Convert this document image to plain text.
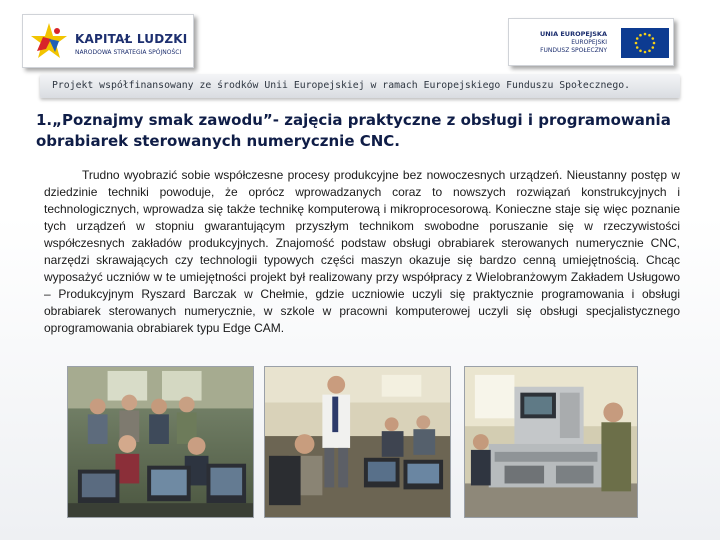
KAPITAŁ LUDZKI
NARODOWA STRATEGIA SPÓJNOŚCI
UNIA EUROPEJSKA
EUROPEJSKI
FUNDUSZ SPOŁECZNY
Projekt współfinansowany ze środków Unii Europejskiej w ramach Europejskiego Funduszu Społecznego.
1.„Poznajmy smak zawodu”- zajęcia praktyczne z obsługi i programowania obrabiarek sterowanych numerycznie CNC.
Trudno wyobrazić sobie współczesne procesy produkcyjne bez nowoczesnych urządzeń. Nieustanny postęp w dziedzinie techniki powoduje, że oprócz wprowadzanych coraz to nowszych rozwiązań konstrukcyjnych i technologicznych, wprowadza się także technikę komputerową i mikroprocesorową. Konieczne staje się więc poznanie tych urządzeń w stopniu gwarantującym przyszłym technikom swobodne poruszanie się w rzeczywistości współczesnych zakładów produkcyjnych. Znajomość podstaw obsługi obrabiarek sterowanych numerycznie CNC, narzędzi skrawających czy technologii typowych części maszyn okazuje się bardzo cenną umiejętnością. Chcąc wyposażyć uczniów w te umiejętności projekt był realizowany przy współpracy z Wielobranżowym Zakładem Usługowo – Produkcyjnym Ryszard Barczak w Chełmie, gdzie uczniowie uczyli się praktycznie programowania i obsługi obrabiarek sterowanych numerycznie, w szkole w pracowni komputerowej uczyli się obsługi specjalistycznego oprogramowania obrabiarek typu Edge CAM.
